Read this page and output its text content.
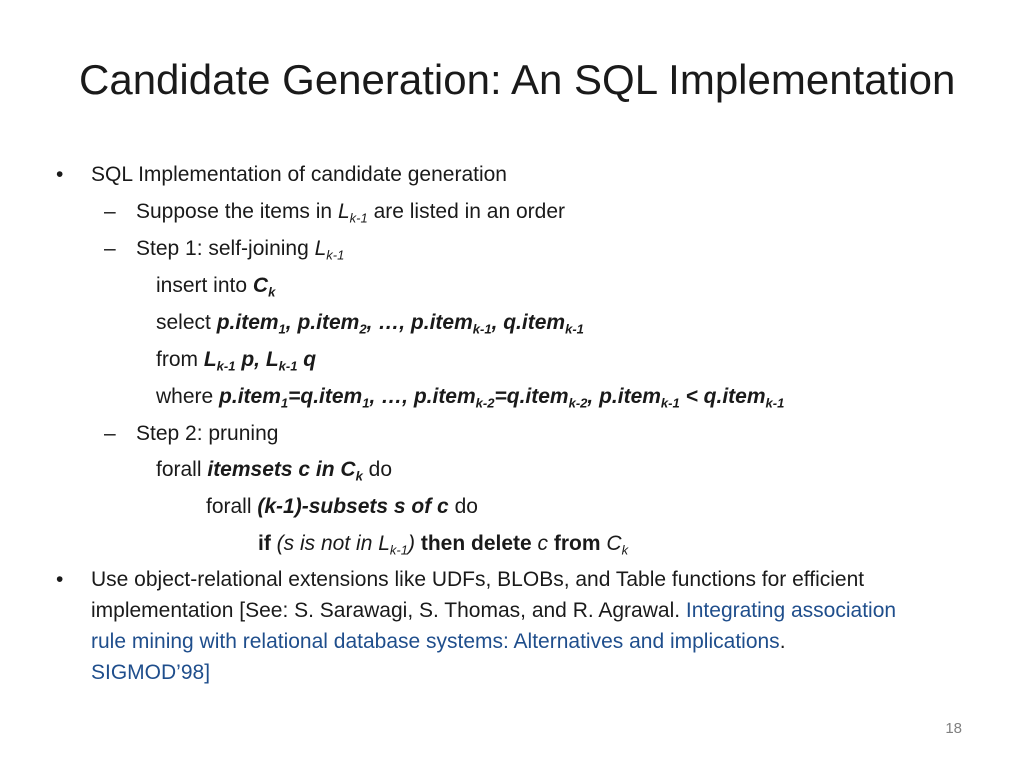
Candidate Generation: An SQL Implementation
• SQL Implementation of candidate generation
– Suppose the items in $L_{k-1}$ are listed in an order
– Step 1: self-joining $L_{k-1}$
insert into $C_k$
select p.item$_1$, p.item$_2$, …, p.item$_{k-1}$, q.item$_{k-1}$
from $L_{k-1}$ p, $L_{k-1}$ q
where p.item$_1$=q.item$_1$, …, p.item$_{k-2}$=q.item$_{k-2}$, p.item$_{k-1}$ < q.item$_{k-1}$
– Step 2: pruning
forall itemsets c in $C_k$ do
forall (k-1)-subsets s of c do
if (s is not in $L_{k-1}$) then delete c from $C_k$
• Use object-relational extensions like UDFs, BLOBs, and Table functions for efficient
implementation [See: S. Sarawagi, S. Thomas, and R. Agrawal. Integrating association
rule mining with relational database systems: Alternatives and implications.
SIGMOD’98]
18
